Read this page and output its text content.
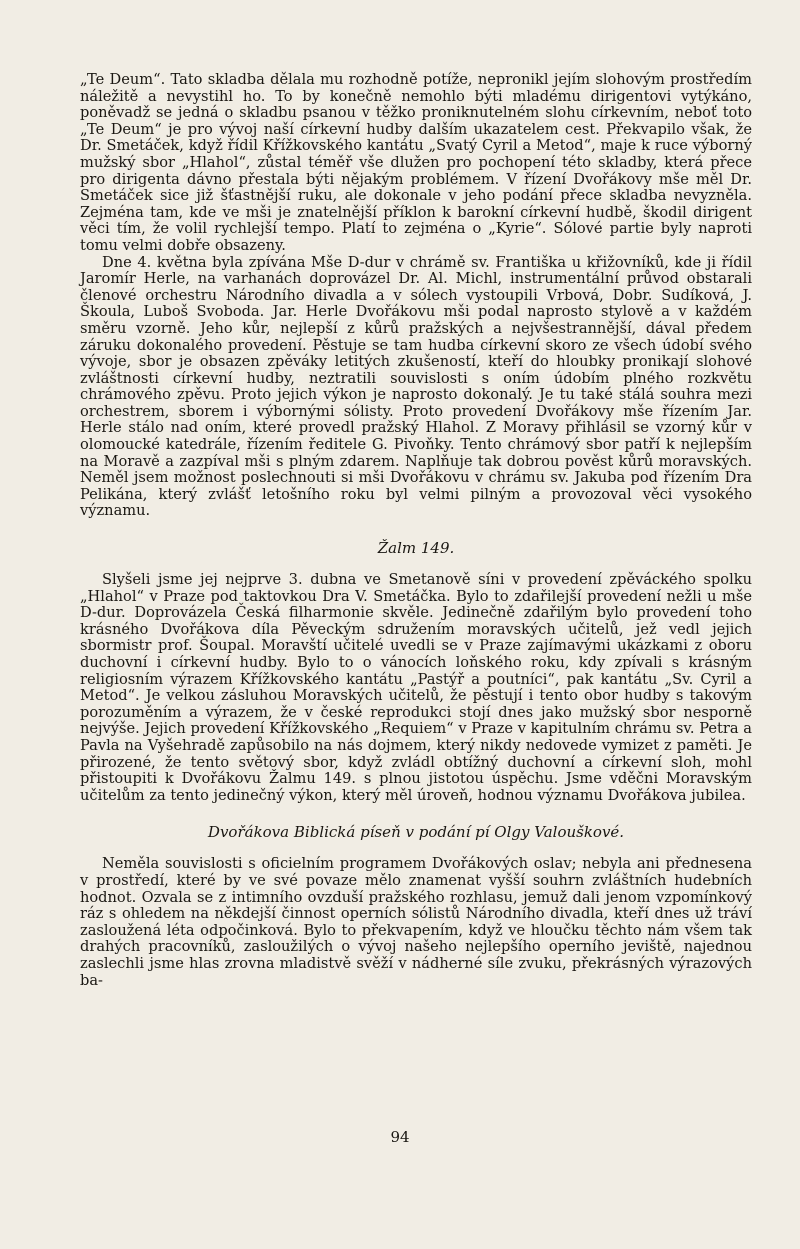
„Te Deum“. Tato skladba dělala mu rozhodně potíže, nepronikl jejím slohovým prostředím náležitě a nevystihl ho. To by konečně nemohlo býti mladému dirigentovi vytýkáno, poněvadž se jedná o skladbu psanou v těžko proniknutelném slohu církevním, neboť toto „Te Deum“ je pro vývoj naší církevní hudby dalším ukazatelem cest. Překvapilo však, že Dr. Smetáček, když řídil Křížkovského kantátu „Svatý Cyril a Metod“, maje k ruce výborný mužský sbor „Hlahol“, zůstal téměř vše dlužen pro pochopení této skladby, která přece pro dirigenta dávno přestala býti nějakým problémem. V řízení Dvořákovy mše měl Dr. Smetáček sice již šťastnější ruku, ale dokonale v jeho podání přece skladba nevyzněla. Zejména tam, kde ve mši je znatelnější příklon k barokní církevní hudbě, škodil dirigent věci tím, že volil rychlejší tempo. Platí to zejména o „Kyrie“. Sólové partie byly naproti tomu velmi dobře obsazeny.

Dne 4. května byla zpívána Mše D-dur v chrámě sv. Františka u křižovníků, kde ji řídil Jaromír Herle, na varhanách doprovázel Dr. Al. Michl, instrumentální průvod obstarali členové orchestru Národního divadla a v sólech vystoupili Vrbová, Dobr. Sudíková, J. Škoula, Luboš Svoboda. Jar. Herle Dvořákovu mši podal naprosto stylově a v každém směru vzorně. Jeho kůr, nejlepší z kůrů pražských a nejvšestrannější, dával předem záruku dokonalého provedení. Pěstuje se tam hudba církevní skoro ze všech údobí svého vývoje, sbor je obsazen zpěváky letitých zkušeností, kteří do hloubky pronikají slohové zvláštnosti církevní hudby, neztratili souvislosti s oním údobím plného rozkvětu chrámového zpěvu. Proto jejich výkon je naprosto dokonalý. Je tu také stálá souhra mezi orchestrem, sborem i výbornými sólisty. Proto provedení Dvořákovy mše řízením Jar. Herle stálo nad oním, které provedl pražský Hlahol. Z Moravy přihlásil se vzorný kůr v olomoucké katedrále, řízením ředitele G. Pivoňky. Tento chrámový sbor patří k nejlepším na Moravě a zazpíval mši s plným zdarem. Naplňuje tak dobrou pověst kůrů moravských. Neměl jsem možnost poslechnouti si mši Dvořákovu v chrámu sv. Jakuba pod řízením Dra Pelikána, který zvlášť letošního roku byl velmi pilným a provozoval věci vysokého významu.

Žalm 149.

Slyšeli jsme jej nejprve 3. dubna ve Smetanově síni v provedení zpěváckého spolku „Hlahol“ v Praze pod taktovkou Dra V. Smetáčka. Bylo to zdařilejší provedení nežli u mše D-dur. Doprovázela Česká filharmonie skvěle. Jedinečně zdařilým bylo provedení toho krásného Dvořákova díla Pěveckým sdružením moravských učitelů, jež vedl jejich sbormistr prof. Šoupal. Moravští učitelé uvedli se v Praze zajímavými ukázkami z oboru duchovní i církevní hudby. Bylo to o vánocích loňského roku, kdy zpívali s krásným religiosním výrazem Křížkovského kantátu „Pastýř a poutníci“, pak kantátu „Sv. Cyril a Metod“. Je velkou zásluhou Moravských učitelů, že pěstují i tento obor hudby s takovým porozuměním a výrazem, že v české reprodukci stojí dnes jako mužský sbor nesporně nejvýše. Jejich provedení Křížkovského „Requiem“ v Praze v kapitulním chrámu sv. Petra a Pavla na Vyšehradě zapůsobilo na nás dojmem, který nikdy nedovede vymizet z paměti. Je přirozené, že tento světový sbor, když zvládl obtížný duchovní a církevní sloh, mohl přistoupiti k Dvořákovu Žalmu 149. s plnou jistotou úspěchu. Jsme vděčni Moravským učitelům za tento jedinečný výkon, který měl úroveň, hodnou významu Dvořákova jubilea.

Dvořákova Biblická píseň v podání pí Olgy Valouškové.

Neměla souvislosti s oficielním programem Dvořákových oslav; nebyla ani přednesena v prostředí, které by ve své povaze mělo znamenat vyšší souhrn zvláštních hudebních hodnot. Ozvala se z intimního ovzduší pražského rozhlasu, jemuž dali jenom vzpomínkový ráz s ohledem na někdejší činnost operních sólistů Národního divadla, kteří dnes už tráví zasloužená léta odpočinková. Bylo to překvapením, když ve hloučku těchto nám všem tak drahých pracovníků, zasloužilých o vývoj našeho nejlepšího operního jeviště, najednou zaslechli jsme hlas zrovna mladistvě svěží v nádherné síle zvuku, překrásných výrazových ba-

94
